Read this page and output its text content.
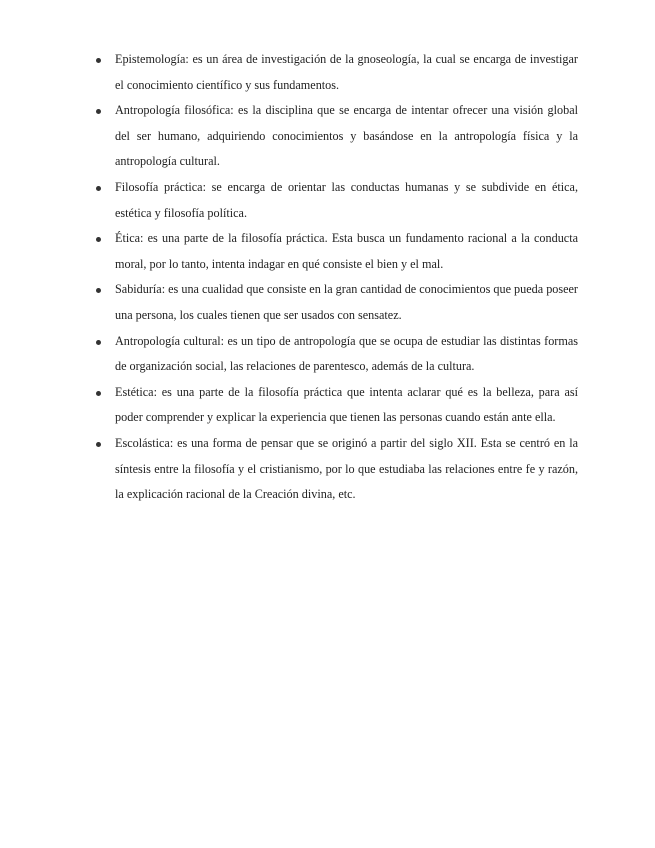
Epistemología: es un área de investigación de la gnoseología, la cual se encarga de investigar el conocimiento científico y sus fundamentos.
Antropología filosófica: es la disciplina que se encarga de intentar ofrecer una visión global del ser humano, adquiriendo conocimientos y basándose en la antropología física y la antropología cultural.
Filosofía práctica: se encarga de orientar las conductas humanas y se subdivide en ética, estética y filosofía política.
Ética: es una parte de la filosofía práctica. Esta busca un fundamento racional a la conducta moral, por lo tanto, intenta indagar en qué consiste el bien y el mal.
Sabiduría: es una cualidad que consiste en la gran cantidad de conocimientos que pueda poseer una persona, los cuales tienen que ser usados con sensatez.
Antropología cultural: es un tipo de antropología que se ocupa de estudiar las distintas formas de organización social, las relaciones de parentesco, además de la cultura.
Estética: es una parte de la filosofía práctica que intenta aclarar qué es la belleza, para así poder comprender y explicar la experiencia que tienen las personas cuando están ante ella.
Escolástica: es una forma de pensar que se originó a partir del siglo XII. Esta se centró en la síntesis entre la filosofía y el cristianismo, por lo que estudiaba las relaciones entre fe y razón, la explicación racional de la Creación divina, etc.
